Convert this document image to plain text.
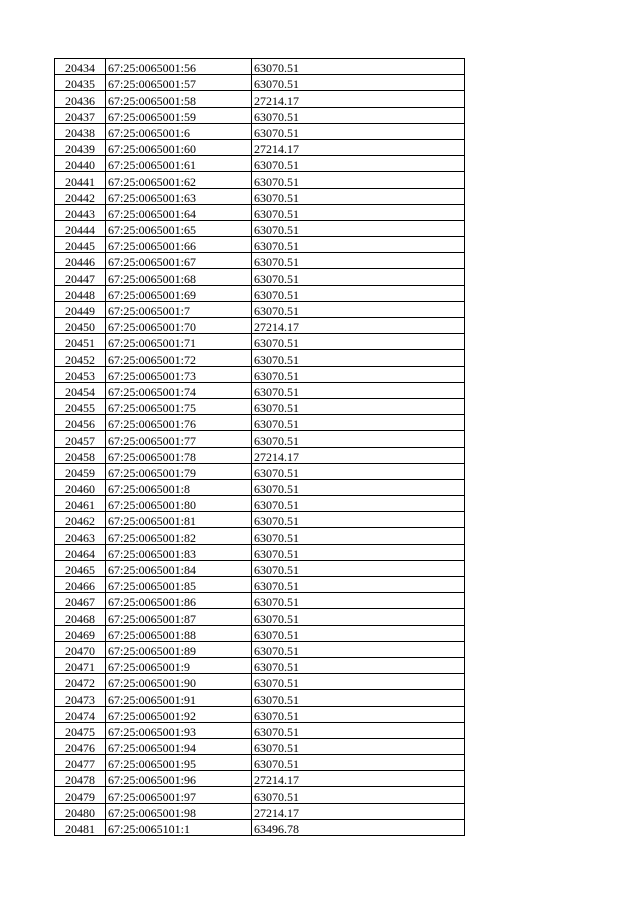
20434	67:25:0065001:56	63070.51
20435	67:25:0065001:57	63070.51
20436	67:25:0065001:58	27214.17
20437	67:25:0065001:59	63070.51
20438	67:25:0065001:6	63070.51
20439	67:25:0065001:60	27214.17
20440	67:25:0065001:61	63070.51
20441	67:25:0065001:62	63070.51
20442	67:25:0065001:63	63070.51
20443	67:25:0065001:64	63070.51
20444	67:25:0065001:65	63070.51
20445	67:25:0065001:66	63070.51
20446	67:25:0065001:67	63070.51
20447	67:25:0065001:68	63070.51
20448	67:25:0065001:69	63070.51
20449	67:25:0065001:7	63070.51
20450	67:25:0065001:70	27214.17
20451	67:25:0065001:71	63070.51
20452	67:25:0065001:72	63070.51
20453	67:25:0065001:73	63070.51
20454	67:25:0065001:74	63070.51
20455	67:25:0065001:75	63070.51
20456	67:25:0065001:76	63070.51
20457	67:25:0065001:77	63070.51
20458	67:25:0065001:78	27214.17
20459	67:25:0065001:79	63070.51
20460	67:25:0065001:8	63070.51
20461	67:25:0065001:80	63070.51
20462	67:25:0065001:81	63070.51
20463	67:25:0065001:82	63070.51
20464	67:25:0065001:83	63070.51
20465	67:25:0065001:84	63070.51
20466	67:25:0065001:85	63070.51
20467	67:25:0065001:86	63070.51
20468	67:25:0065001:87	63070.51
20469	67:25:0065001:88	63070.51
20470	67:25:0065001:89	63070.51
20471	67:25:0065001:9	63070.51
20472	67:25:0065001:90	63070.51
20473	67:25:0065001:91	63070.51
20474	67:25:0065001:92	63070.51
20475	67:25:0065001:93	63070.51
20476	67:25:0065001:94	63070.51
20477	67:25:0065001:95	63070.51
20478	67:25:0065001:96	27214.17
20479	67:25:0065001:97	63070.51
20480	67:25:0065001:98	27214.17
20481	67:25:0065101:1	63496.78
